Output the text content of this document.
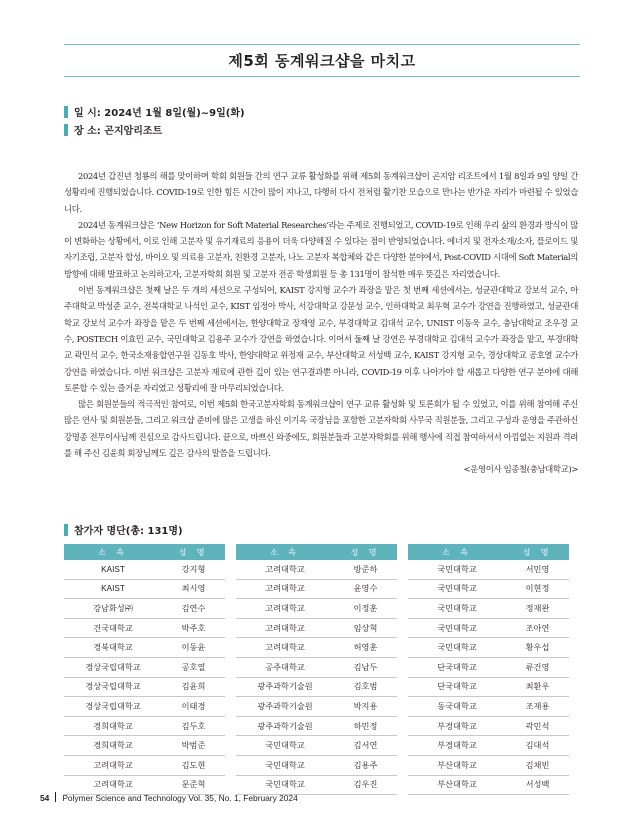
제5회 동계워크샵을 마치고
일 시: 2024년 1월 8일(월)~9일(화)
장 소: 곤지암리조트

2024년 갑진년 청룡의 해를 맞이하며 학회 회원들 간의 연구 교류 활성화를 위해 제5회 동계워크샵이 곤지암 리조트에서 1월 8일과 9일 양일 간 성황리에 진행되었습니다. COVID-19로 인한 힘든 시간이 많이 지나고, 다행히 다시 전처럼 활기찬 모습으로 만나는 반가운 자리가 마련될 수 있었습니다.

2024년 동계워크샵은 ‘New Horizon for Soft Material Researches’라는 주제로 진행되었고, COVID-19로 인해 우리 삶의 환경과 방식이 많이 변화하는 상황에서, 이로 인해 고분자 및 유기재료의 응용이 더욱 다양해질 수 있다는 점이 반영되었습니다. 에너지 및 전자소재/소자, 플로이드 및 자기조립, 고분자 합성, 바이오 및 의료용 고분자, 친환경 고분자, 나노 고분자 복합체와 같은 다양한 분야에서, Post-COVID 시대에 Soft Material의 방향에 대해 발표하고 논의하고자, 고분자학회 회원 및 고분자 전공 학생회원 등 총 131명이 참석한 매우 뜻깊은 자리였습니다.

이번 동계워크샵은 첫째 날은 두 개의 세션으로 구성되어, KAIST 강지형 교수가 좌장을 맡은 첫 번째 세션에서는, 성균관대학교 강보석 교수, 아주대학교 박성준 교수, 전북대학교 나석인 교수, KIST 임정아 박사, 서강대학교 강문성 교수, 인하대학교 최우혁 교수가 강연을 진행하였고, 성균관대학교 강보석 교수가 좌장을 맡은 두 번째 세션에서는, 한양대학교 장재영 교수, 부경대학교 김대석 교수, UNIST 이동욱 교수, 충남대학교 조우경 교수, POSTECH 이효민 교수, 국민대학교 김용주 교수가 강연을 하였습니다. 이어서 둘째 날 강연은 부경대학교 김대석 교수가 좌장을 맡고, 부경대학교 곽민석 교수, 한국소재융합연구원 김동호 박사, 한양대학교 위정재 교수, 부산대학교 서성백 교수, KAIST 강지형 교수, 경상대학교 공호열 교수가 강연을 하였습니다. 이번 워크샵은 고분자 재료에 관한 깊이 있는 연구결과뿐 아니라, COVID-19 이후 나아가야 할 새롭고 다양한 연구 분야에 대해 토론할 수 있는 즐거운 자리였고 성황리에 잘 마무리되었습니다.

많은 회원분들의 적극적인 참여로, 이번 제5회 한국고분자학회 동계워크샵이 연구 교류 활성화 및 토론회가 될 수 있었고, 이를 위해 참여해 주신 많은 연사 및 회원분들, 그리고 워크샵 준비에 많은 고생을 하신 이기옥 국장님을 포함한 고분자학회 사무국 직원분들, 그리고 구성과 운영을 주관하신 강명종 전무이사님께 진심으로 감사드립니다. 끝으로, 바쁘신 와중에도, 회원분들과 고분자학회를 위해 행사에 직접 참여하셔서 아낌없는 지원과 격려를 해 주신 김윤희 회장님께도 깊은 감사의 말씀을 드립니다.

<운영이사 임종철(충남대학교)>

참가자 명단(총: 131명)
소 속	성 명
KAIST	강지형
KAIST	최시영
강남화성㈜	김연수
건국대학교	박주호
경북대학교	이동윤
경상국립대학교	공호열
경상국립대학교	김윤희
경상국립대학교	이태경
경희대학교	김두호
경희대학교	박범준
고려대학교	김도현
고려대학교	문준혁
소 속	성 명
고려대학교	방준하
고려대학교	윤영수
고려대학교	이정훈
고려대학교	임상혁
고려대학교	허영훈
공주대학교	김남두
광주과학기술원	김호범
광주과학기술원	박지용
광주과학기술원	하민정
국민대학교	김서연
국민대학교	김용주
국민대학교	김우진
소 속	성 명
국민대학교	서민영
국민대학교	이현정
국민대학교	정재완
국민대학교	조아연
국민대학교	황우섭
단국대학교	류건영
단국대학교	최환우
동국대학교	조재용
부경대학교	곽민석
부경대학교	김대석
부산대학교	김채빈
부산대학교	서성백
54 Polymer Science and Technology Vol. 35, No. 1, February 2024
